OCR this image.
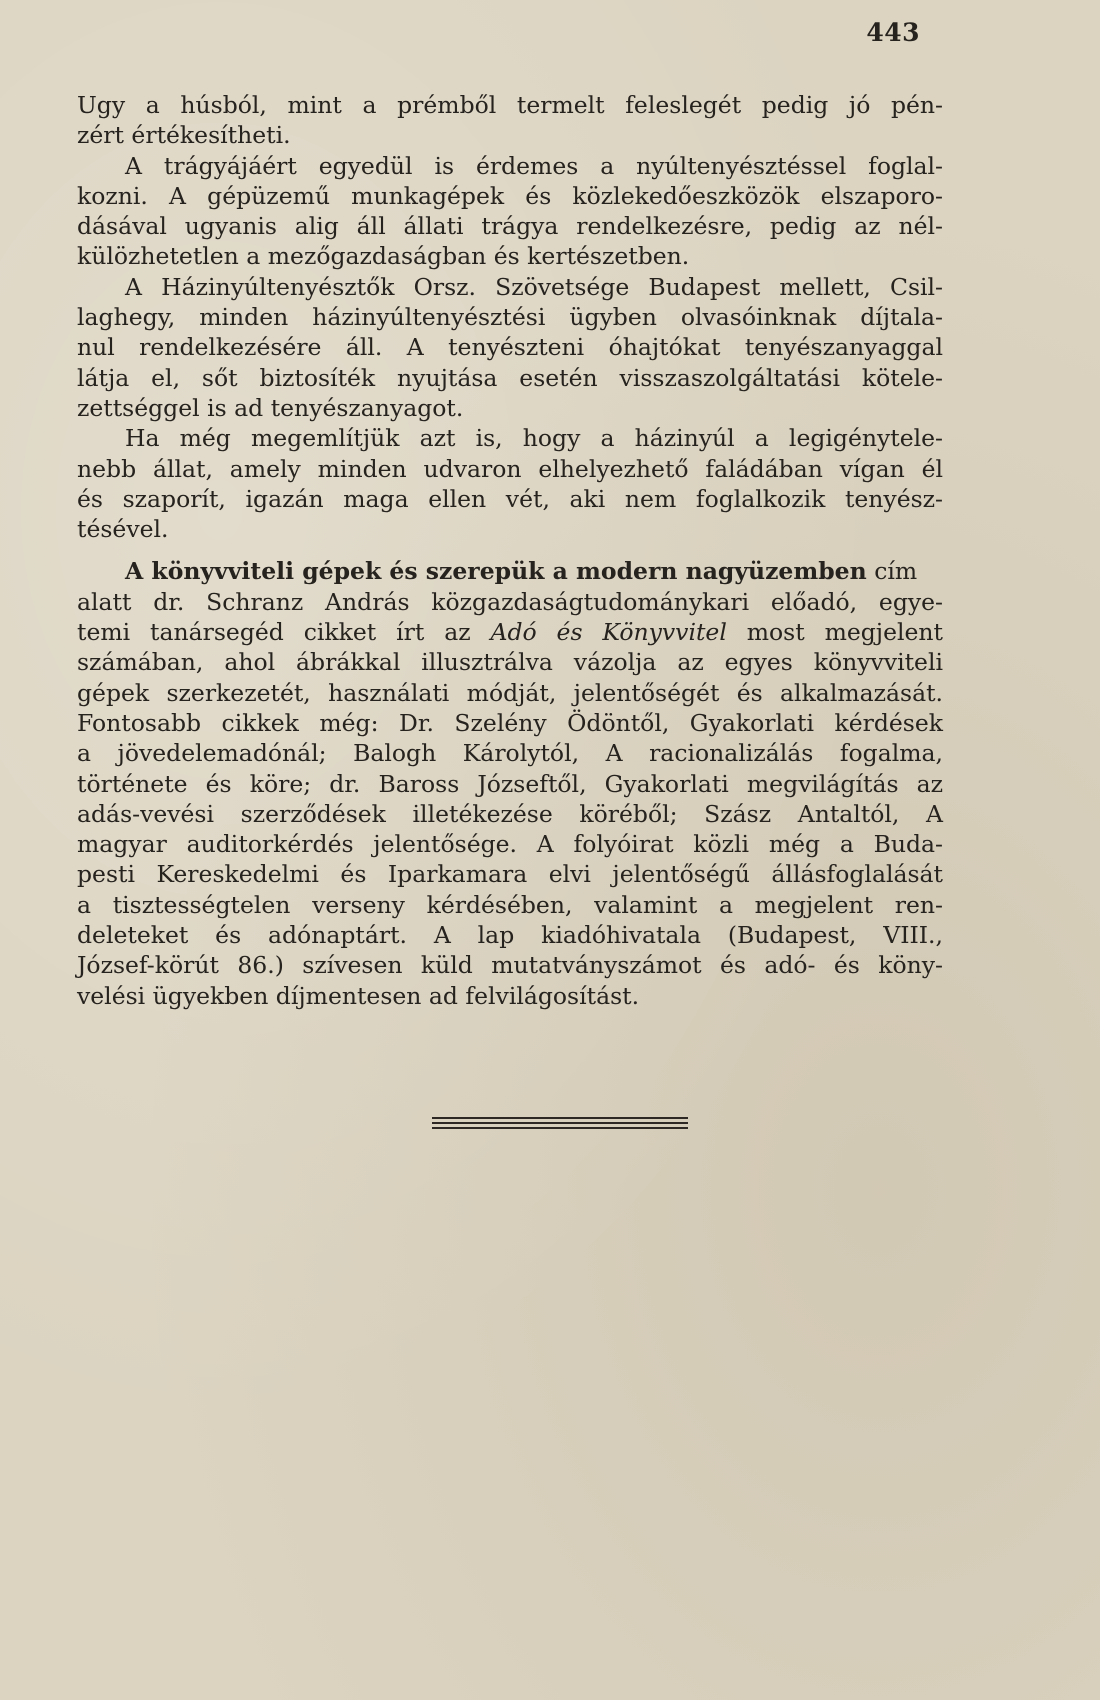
443
Ugy a húsból, mint a prémből termelt feleslegét pedig jó pén-
zért értékesítheti.
A trágyájáért egyedül is érdemes a nyúltenyésztéssel foglal-
kozni. A gépüzemű munkagépek és közlekedőeszközök elszaporo-
dásával ugyanis alig áll állati trágya rendelkezésre, pedig az nél-
külözhetetlen a mezőgazdaságban és kertészetben.
A Házinyúltenyésztők Orsz. Szövetsége Budapest mellett, Csil-
laghegy, minden házinyúltenyésztési ügyben olvasóinknak díjtala-
nul rendelkezésére áll. A tenyészteni óhajtókat tenyészanyaggal
látja el, sőt biztosíték nyujtása esetén visszaszolgáltatási kötele-
zettséggel is ad tenyészanyagot.
Ha még megemlítjük azt is, hogy a házinyúl a legigénytele-
nebb állat, amely minden udvaron elhelyezhető faládában vígan él
és szaporít, igazán maga ellen vét, aki nem foglalkozik tenyész-
tésével.
A könyvviteli gépek és szerepük a modern nagyüzemben cím
alatt dr. Schranz András közgazdaságtudománykari előadó, egye-
temi tanársegéd cikket írt az Adó és Könyvvitel most megjelent
számában, ahol ábrákkal illusztrálva vázolja az egyes könyvviteli
gépek szerkezetét, használati módját, jelentőségét és alkalmazását.
Fontosabb cikkek még: Dr. Szelény Ödöntől, Gyakorlati kérdések
a jövedelemadónál; Balogh Károlytól, A racionalizálás fogalma,
története és köre; dr. Baross Józseftől, Gyakorlati megvilágítás az
adás-vevési szerződések illetékezése köréből; Szász Antaltól, A
magyar auditorkérdés jelentősége. A folyóirat közli még a Buda-
pesti Kereskedelmi és Iparkamara elvi jelentőségű állásfoglalását
a tisztességtelen verseny kérdésében, valamint a megjelent ren-
deleteket és adónaptárt. A lap kiadóhivatala (Budapest, VIII.,
József-körút 86.) szívesen küld mutatványszámot és adó- és köny-
velési ügyekben díjmentesen ad felvilágosítást.
